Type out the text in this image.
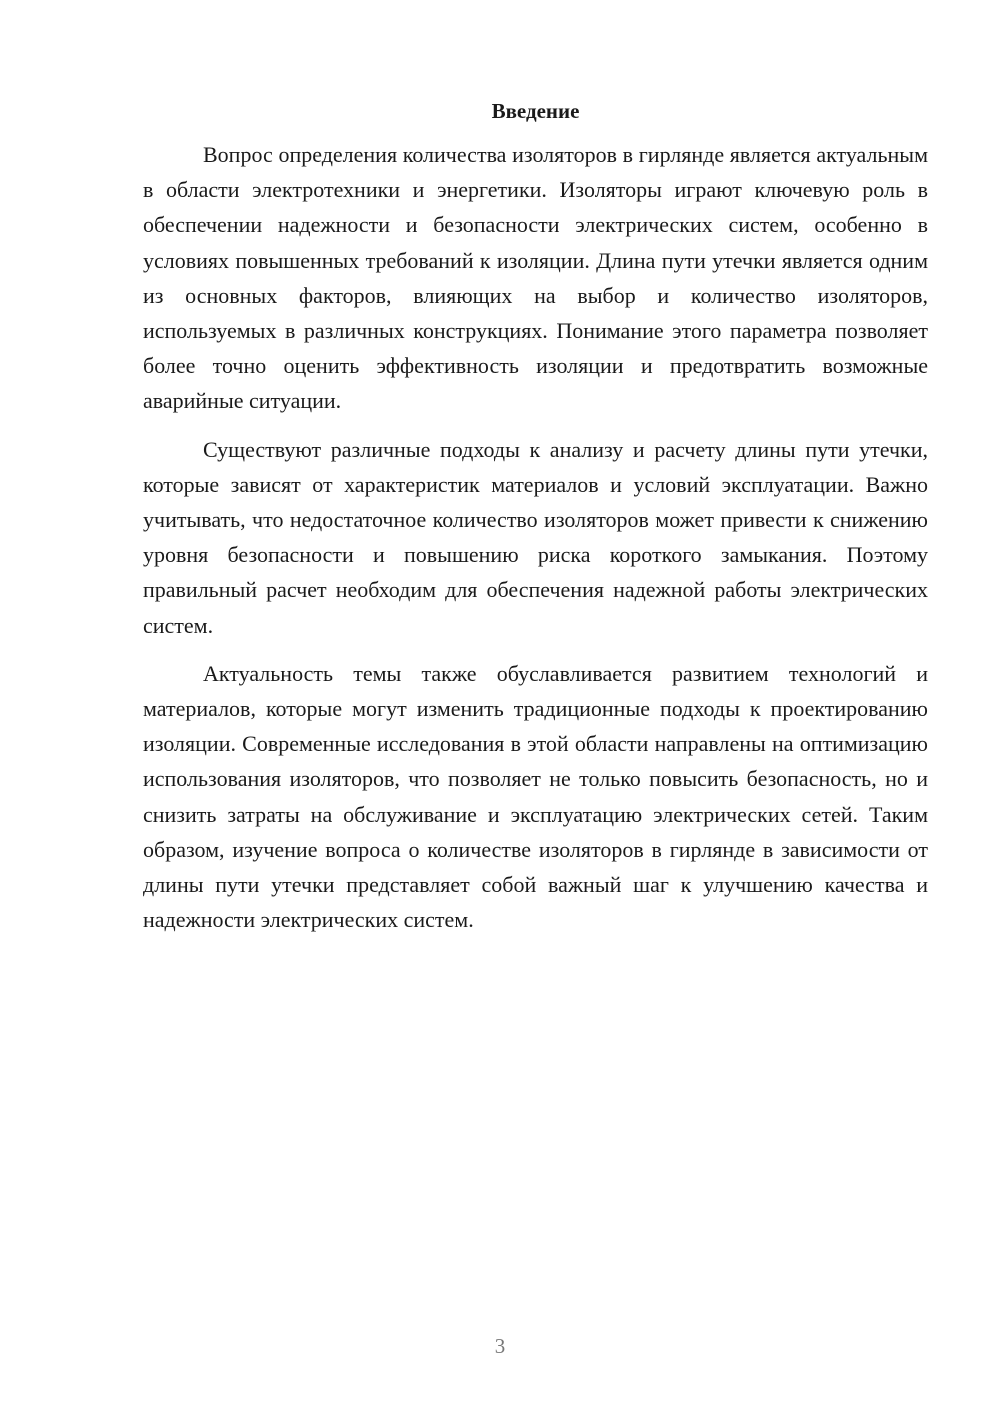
Введение

Вопрос определения количества изоляторов в гирлянде является актуальным в области электротехники и энергетики. Изоляторы играют ключевую роль в обеспечении надежности и безопасности электрических систем, особенно в условиях повышенных требований к изоляции. Длина пути утечки является одним из основных факторов, влияющих на выбор и количество изоляторов, используемых в различных конструкциях. Понимание этого параметра позволяет более точно оценить эффективность изоляции и предотвратить возможные аварийные ситуации.

Существуют различные подходы к анализу и расчету длины пути утечки, которые зависят от характеристик материалов и условий эксплуатации. Важно учитывать, что недостаточное количество изоляторов может привести к снижению уровня безопасности и повышению риска короткого замыкания. Поэтому правильный расчет необходим для обеспечения надежной работы электрических систем.

Актуальность темы также обуславливается развитием технологий и материалов, которые могут изменить традиционные подходы к проектированию изоляции. Современные исследования в этой области направлены на оптимизацию использования изоляторов, что позволяет не только повысить безопасность, но и снизить затраты на обслуживание и эксплуатацию электрических сетей. Таким образом, изучение вопроса о количестве изоляторов в гирлянде в зависимости от длины пути утечки представляет собой важный шаг к улучшению качества и надежности электрических систем.

3
